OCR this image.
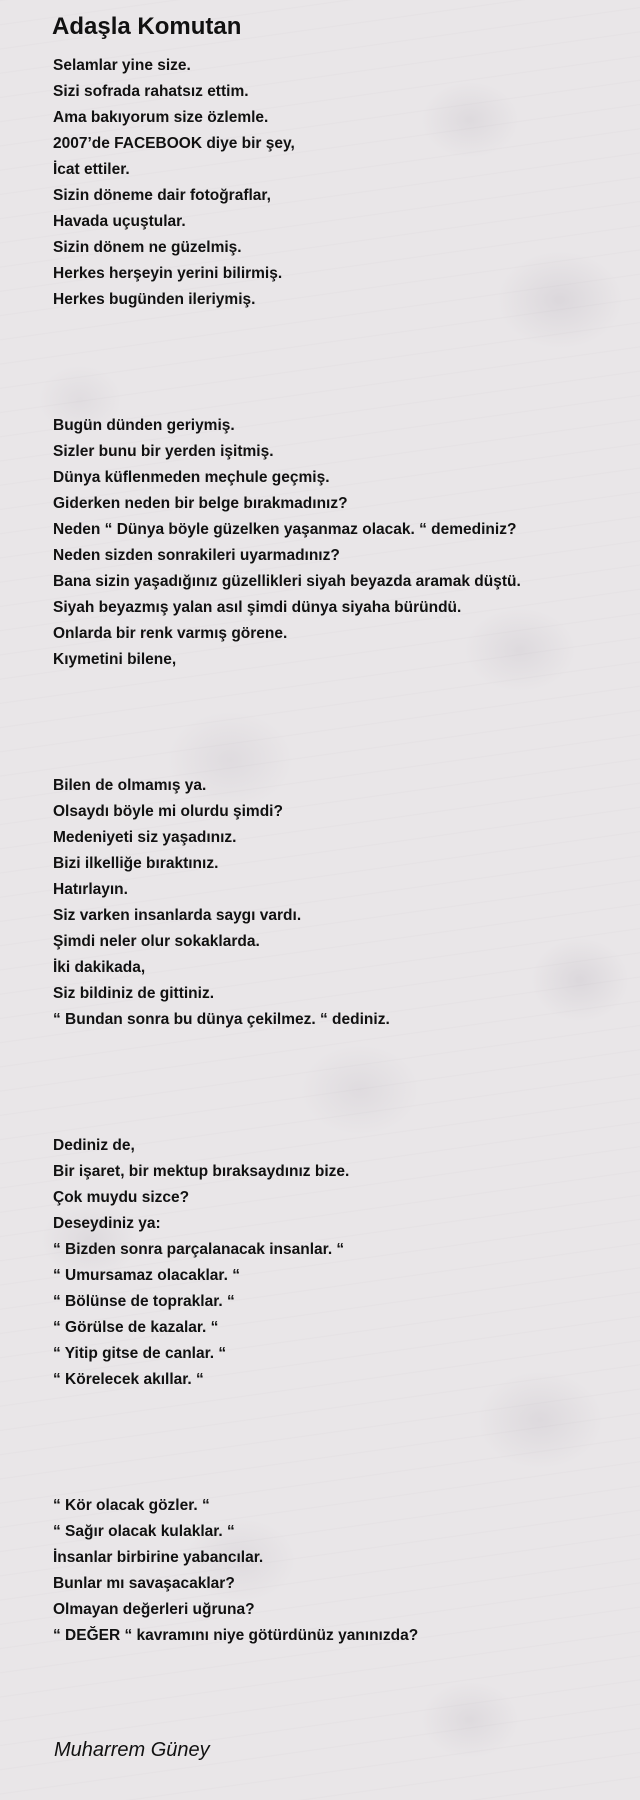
Adaşla Komutan
Selamlar yine size.
Sizi sofrada rahatsız ettim.
Ama bakıyorum size özlemle.
2007’de FACEBOOK diye bir şey,
İcat ettiler.
Sizin döneme dair fotoğraflar,
Havada uçuştular.
Sizin dönem ne güzelmiş.
Herkes herşeyin yerini bilirmiş.
Herkes bugünden ileriymiş.
Bugün dünden geriymiş.
Sizler bunu bir yerden işitmiş.
Dünya küflenmeden meçhule geçmiş.
Giderken neden bir belge bırakmadınız?
Neden “ Dünya böyle güzelken yaşanmaz olacak. “ demediniz?
Neden sizden sonrakileri uyarmadınız?
Bana sizin yaşadığınız güzellikleri siyah beyazda aramak düştü.
Siyah beyazmış yalan asıl şimdi dünya siyaha büründü.
Onlarda bir renk varmış görene.
Kıymetini bilene,
Bilen de olmamış ya.
Olsaydı böyle mi olurdu şimdi?
Medeniyeti siz yaşadınız.
Bizi ilkelliğe bıraktınız.
Hatırlayın.
Siz varken insanlarda saygı vardı.
Şimdi neler olur sokaklarda.
İki dakikada,
Siz bildiniz de gittiniz.
“ Bundan sonra bu dünya çekilmez. “ dediniz.
Dediniz de,
Bir işaret, bir mektup bıraksaydınız bize.
Çok muydu sizce?
Deseydiniz ya:
“ Bizden sonra parçalanacak insanlar. “
“ Umursamaz olacaklar. “
“ Bölünse de topraklar. “
“ Görülse de kazalar. “
“ Yitip gitse de canlar. “
“ Körelecek akıllar. “
“ Kör olacak gözler. “
“ Sağır olacak kulaklar. “
İnsanlar birbirine yabancılar.
Bunlar mı savaşacaklar?
Olmayan değerleri uğruna?
“ DEĞER “ kavramını niye götürdünüz yanınızda?
Muharrem Güney
